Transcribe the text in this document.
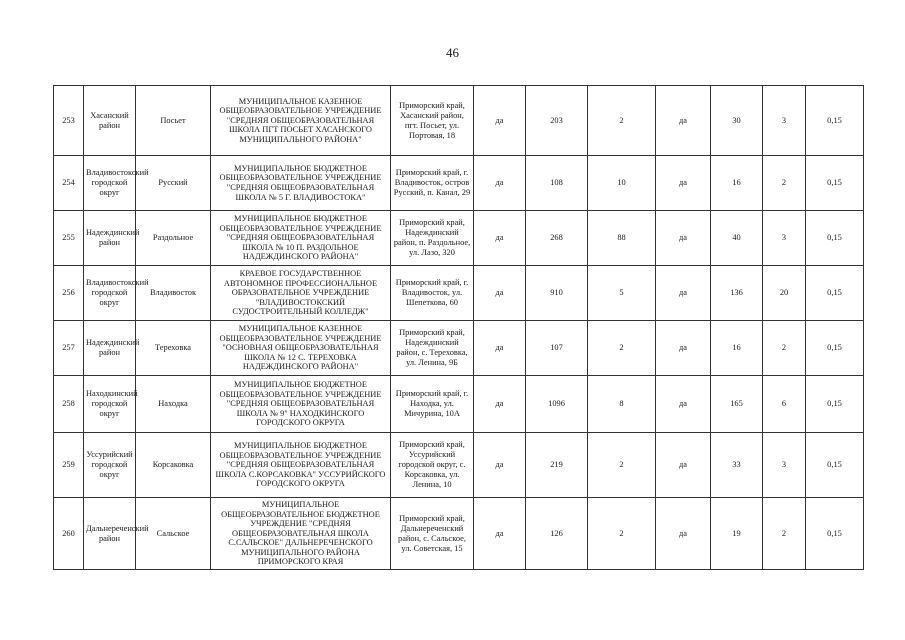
46
253	Хасанский район	Посьет	МУНИЦИПАЛЬНОЕ КАЗЕННОЕ ОБЩЕОБРАЗОВАТЕЛЬНОЕ УЧРЕЖДЕНИЕ "СРЕДНЯЯ ОБЩЕОБРАЗОВАТЕЛЬНАЯ ШКОЛА ПГТ ПОСЬЕТ ХАСАНСКОГО МУНИЦИПАЛЬНОГО РАЙОНА"	Приморский край, Хасанский район, пгт. Посьет, ул. Портовая, 18	да	203	2	да	30	3	0,15
254	Владивостокский городской округ	Русский	МУНИЦИПАЛЬНОЕ БЮДЖЕТНОЕ ОБЩЕОБРАЗОВАТЕЛЬНОЕ УЧРЕЖДЕНИЕ "СРЕДНЯЯ ОБЩЕОБРАЗОВАТЕЛЬНАЯ ШКОЛА № 5 Г. ВЛАДИВОСТОКА"	Приморский край, г. Владивосток, остров Русский, п. Канал, 29	да	108	10	да	16	2	0,15
255	Надеждинский район	Раздольное	МУНИЦИПАЛЬНОЕ БЮДЖЕТНОЕ ОБЩЕОБРАЗОВАТЕЛЬНОЕ УЧРЕЖДЕНИЕ "СРЕДНЯЯ ОБЩЕОБРАЗОВАТЕЛЬНАЯ ШКОЛА № 10 П. РАЗДОЛЬНОЕ НАДЕЖДИНСКОГО РАЙОНА"	Приморский край, Надеждинский район, п. Раздольное, ул. Лазо, 320	да	268	88	да	40	3	0,15
256	Владивостокский городской округ	Владивосток	КРАЕВОЕ ГОСУДАРСТВЕННОЕ АВТОНОМНОЕ ПРОФЕССИОНАЛЬНОЕ ОБРАЗОВАТЕЛЬНОЕ УЧРЕЖДЕНИЕ "ВЛАДИВОСТОКСКИЙ СУДОСТРОИТЕЛЬНЫЙ КОЛЛЕДЖ"	Приморский край, г. Владивосток, ул. Шепеткова, 60	да	910	5	да	136	20	0,15
257	Надеждинский район	Тереховка	МУНИЦИПАЛЬНОЕ КАЗЕННОЕ ОБЩЕОБРАЗОВАТЕЛЬНОЕ УЧРЕЖДЕНИЕ "ОСНОВНАЯ ОБЩЕОБРАЗОВАТЕЛЬНАЯ ШКОЛА № 12 С. ТЕРЕХОВКА НАДЕЖДИНСКОГО РАЙОНА"	Приморский край, Надеждинский район, с. Тереховка, ул. Ленина, 9Б	да	107	2	да	16	2	0,15
258	Находкинский городской округ	Находка	МУНИЦИПАЛЬНОЕ БЮДЖЕТНОЕ ОБЩЕОБРАЗОВАТЕЛЬНОЕ УЧРЕЖДЕНИЕ "СРЕДНЯЯ ОБЩЕОБРАЗОВАТЕЛЬНАЯ ШКОЛА № 9" НАХОДКИНСКОГО ГОРОДСКОГО ОКРУГА	Приморский край, г. Находка, ул. Мичурина, 10А	да	1096	8	да	165	6	0,15
259	Уссурийский городской округ	Корсаковка	МУНИЦИПАЛЬНОЕ БЮДЖЕТНОЕ ОБЩЕОБРАЗОВАТЕЛЬНОЕ УЧРЕЖДЕНИЕ "СРЕДНЯЯ ОБЩЕОБРАЗОВАТЕЛЬНАЯ ШКОЛА С.КОРСАКОВКА" УССУРИЙСКОГО ГОРОДСКОГО ОКРУГА	Приморский край, Уссурийский городской округ, с. Корсаковка, ул. Ленина, 10	да	219	2	да	33	3	0,15
260	Дальнереченский район	Сальское	МУНИЦИПАЛЬНОЕ ОБЩЕОБРАЗОВАТЕЛЬНОЕ БЮДЖЕТНОЕ УЧРЕЖДЕНИЕ "СРЕДНЯЯ ОБЩЕОБРАЗОВАТЕЛЬНАЯ ШКОЛА С.САЛЬСКОЕ" ДАЛЬНЕРЕЧЕНСКОГО МУНИЦИПАЛЬНОГО РАЙОНА ПРИМОРСКОГО КРАЯ	Приморский край, Дальнереченский район, с. Сальское, ул. Советская, 15	да	126	2	да	19	2	0,15
